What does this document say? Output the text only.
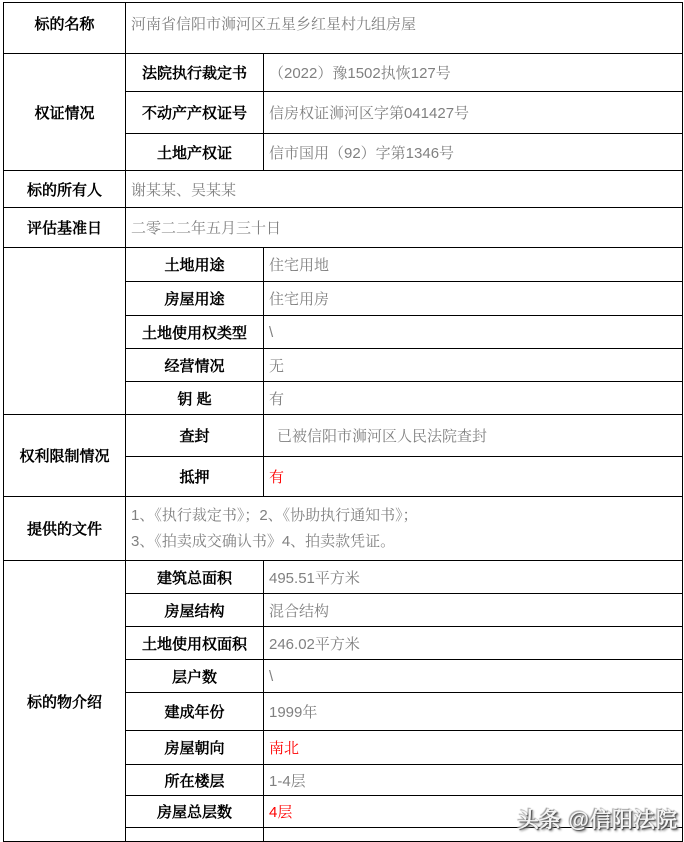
标的名称	河南省信阳市浉河区五星乡红星村九组房屋	
权证情况	法院执行裁定书	（2022）豫1502执恢127号
	不动产产权证号	信房权证浉河区字第041427号
	土地产权证	信市国用（92）字第1346号
标的所有人	谢某某、吴某某	
评估基准日	二零二二年五月三十日	
	土地用途	住宅用地
	房屋用途	住宅用房
	土地使用权类型	\
	经营情况	无
	钥 匙	有
权利限制情况	查封	已被信阳市浉河区人民法院查封
	抵押	有
提供的文件	1、《执行裁定书》；2、《协助执行通知书》；
3、《拍卖成交确认书》4、拍卖款凭证。	

标的物介绍	建筑总面积	495.51平方米
	房屋结构	混合结构
	土地使用权面积	246.02平方米
	层户数	\
	建成年份	1999年
	房屋朝向	南北
	所在楼层	1-4层
	房屋总层数	4层
		头条 @信阳法院
